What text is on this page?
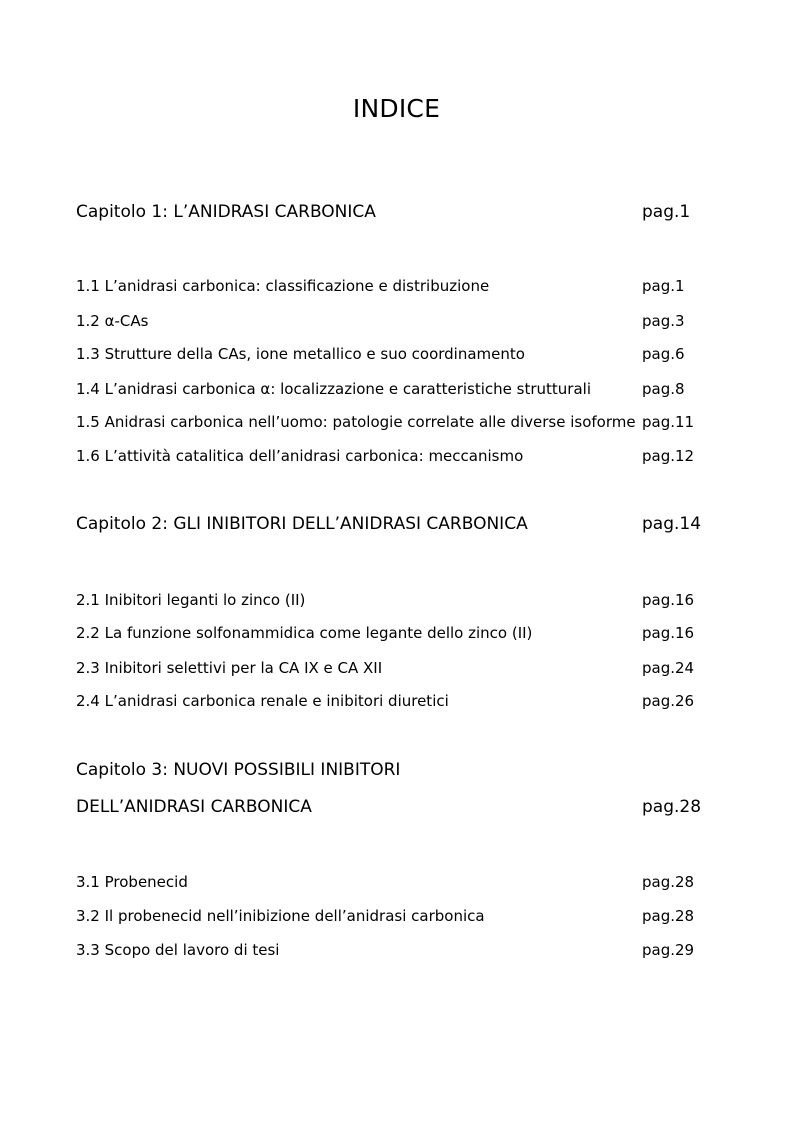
INDICE
Capitolo 1: L’ANIDRASI CARBONICA	pag.1
1.1 L’anidrasi carbonica: classificazione e distribuzione	pag.1
1.2 α-CAs	pag.3
1.3 Strutture della CAs, ione metallico e suo coordinamento	pag.6
1.4 L’anidrasi carbonica α: localizzazione e caratteristiche strutturali	pag.8
1.5 Anidrasi carbonica nell’uomo: patologie correlate alle diverse isoforme pag.11
1.6 L’attività catalitica dell’anidrasi carbonica: meccanismo	pag.12
Capitolo 2: GLI INIBITORI DELL’ANIDRASI CARBONICA	pag.14
2.1 Inibitori leganti lo zinco (II)	pag.16
2.2 La funzione solfonammidica come legante dello zinco (II)	pag.16
2.3 Inibitori selettivi per la CA IX e CA XII	pag.24
2.4 L’anidrasi carbonica renale e inibitori diuretici	pag.26
Capitolo 3: NUOVI POSSIBILI INIBITORI
DELL’ANIDRASI CARBONICA	pag.28
3.1 Probenecid	pag.28
3.2 Il probenecid nell’inibizione dell’anidrasi carbonica	pag.28
3.3 Scopo del lavoro di tesi	pag.29
